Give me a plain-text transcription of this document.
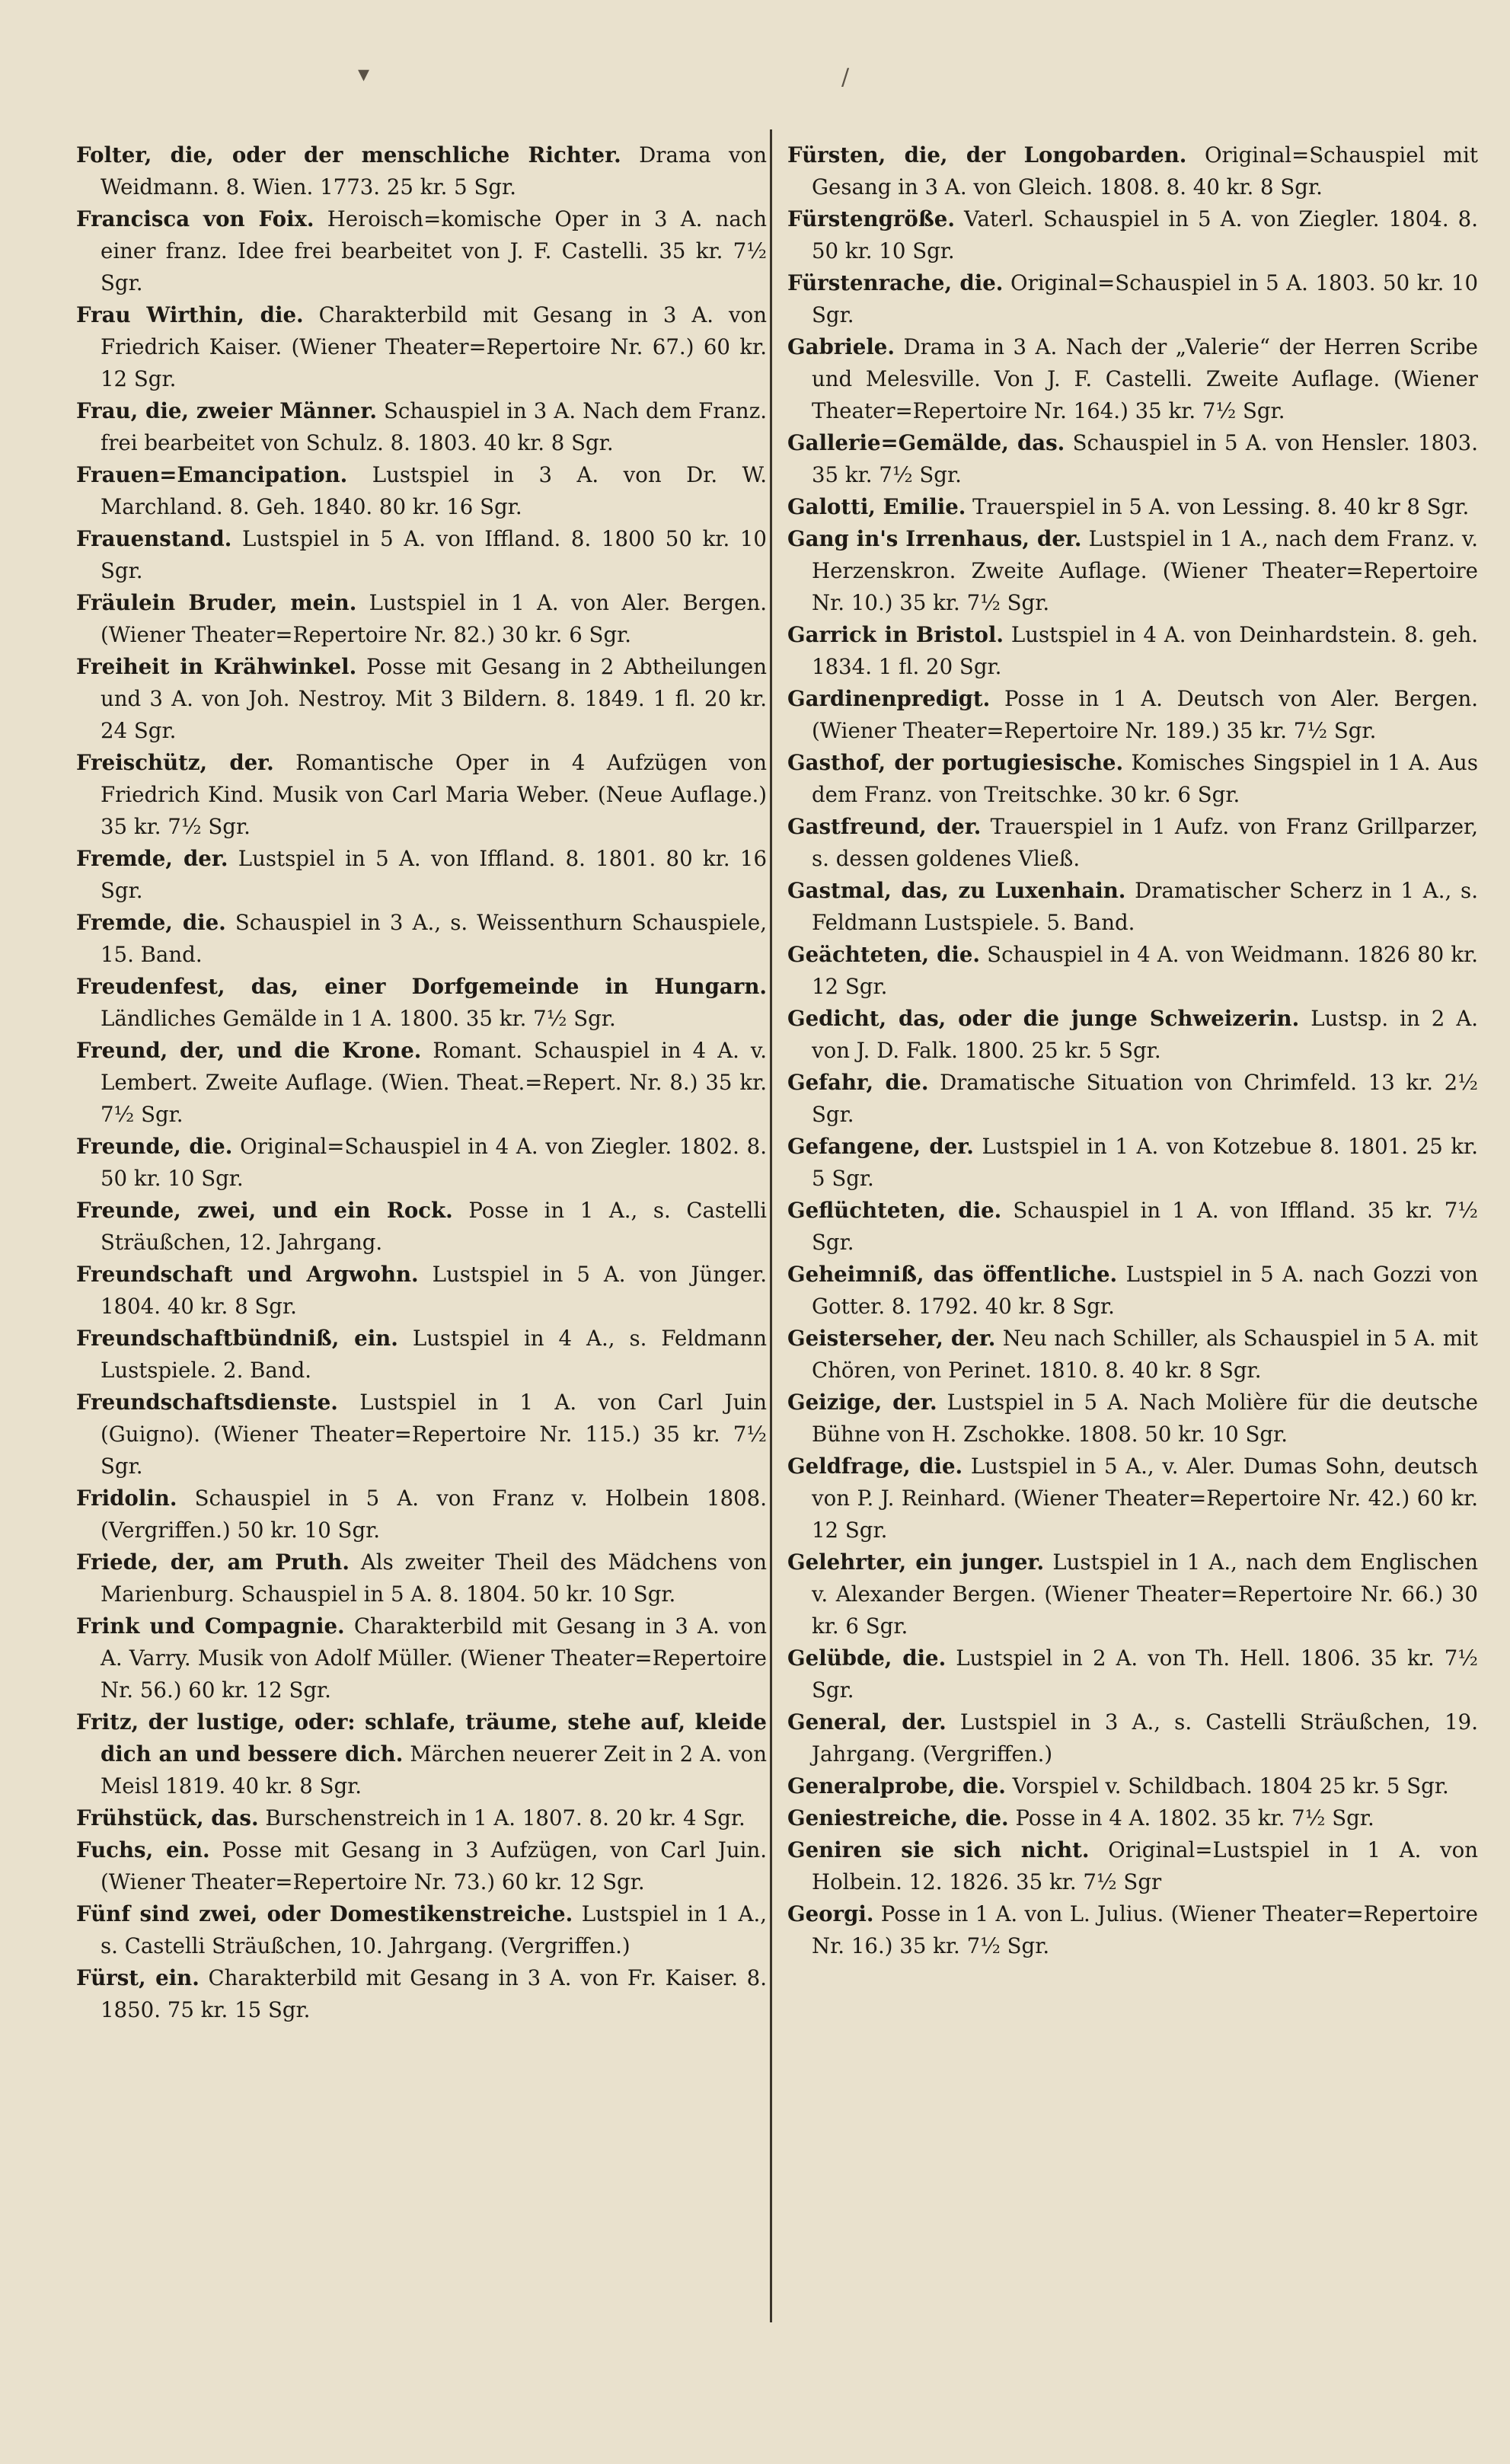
▾	/

Folter, die, oder der menschliche Richter. Drama von Weidmann. 8. Wien. 1773. 25 kr. 5 Sgr.

Francisca von Foix. Heroisch=komische Oper in 3 A. nach einer franz. Idee frei bearbeitet von J. F. Castelli. 35 kr. 7½ Sgr.

Frau Wirthin, die. Charakterbild mit Gesang in 3 A. von Friedrich Kaiser. (Wiener Theater=Repertoire Nr. 67.) 60 kr. 12 Sgr.

Frau, die, zweier Männer. Schauspiel in 3 A. Nach dem Franz. frei bearbeitet von Schulz. 8. 1803. 40 kr. 8 Sgr.

Frauen=Emancipation. Lustspiel in 3 A. von Dr. W. Marchland. 8. Geh. 1840. 80 kr. 16 Sgr.

Frauenstand. Lustspiel in 5 A. von Iffland. 8. 1800 50 kr. 10 Sgr.

Fräulein Bruder, mein. Lustspiel in 1 A. von Aler. Bergen. (Wiener Theater=Repertoire Nr. 82.) 30 kr. 6 Sgr.

Freiheit in Krähwinkel. Posse mit Gesang in 2 Abtheilungen und 3 A. von Joh. Nestroy. Mit 3 Bildern. 8. 1849. 1 fl. 20 kr. 24 Sgr.

Freischütz, der. Romantische Oper in 4 Aufzügen von Friedrich Kind. Musik von Carl Maria Weber. (Neue Auflage.) 35 kr. 7½ Sgr.

Fremde, der. Lustspiel in 5 A. von Iffland. 8. 1801. 80 kr. 16 Sgr.

Fremde, die. Schauspiel in 3 A., s. Weissenthurn Schauspiele, 15. Band.

Freudenfest, das, einer Dorfgemeinde in Hungarn. Ländliches Gemälde in 1 A. 1800. 35 kr. 7½ Sgr.

Freund, der, und die Krone. Romant. Schauspiel in 4 A. v. Lembert. Zweite Auflage. (Wien. Theat.=Repert. Nr. 8.) 35 kr. 7½ Sgr.

Freunde, die. Original=Schauspiel in 4 A. von Ziegler. 1802. 8. 50 kr. 10 Sgr.

Freunde, zwei, und ein Rock. Posse in 1 A., s. Castelli Sträußchen, 12. Jahrgang.

Freundschaft und Argwohn. Lustspiel in 5 A. von Jünger. 1804. 40 kr. 8 Sgr.

Freundschaftbündniß, ein. Lustspiel in 4 A., s. Feldmann Lustspiele. 2. Band.

Freundschaftsdienste. Lustspiel in 1 A. von Carl Juin (Guigno). (Wiener Theater=Repertoire Nr. 115.) 35 kr. 7½ Sgr.

Fridolin. Schauspiel in 5 A. von Franz v. Holbein 1808. (Vergriffen.) 50 kr. 10 Sgr.

Friede, der, am Pruth. Als zweiter Theil des Mädchens von Marienburg. Schauspiel in 5 A. 8. 1804. 50 kr. 10 Sgr.

Frink und Compagnie. Charakterbild mit Gesang in 3 A. von A. Varry. Musik von Adolf Müller. (Wiener Theater=Repertoire Nr. 56.) 60 kr. 12 Sgr.

Fritz, der lustige, oder: schlafe, träume, stehe auf, kleide dich an und bessere dich. Märchen neuerer Zeit in 2 A. von Meisl 1819. 40 kr. 8 Sgr.

Frühstück, das. Burschenstreich in 1 A. 1807. 8. 20 kr. 4 Sgr.

Fuchs, ein. Posse mit Gesang in 3 Aufzügen, von Carl Juin. (Wiener Theater=Repertoire Nr. 73.) 60 kr. 12 Sgr.

Fünf sind zwei, oder Domestikenstreiche. Lustspiel in 1 A., s. Castelli Sträußchen, 10. Jahrgang. (Vergriffen.)

Fürst, ein. Charakterbild mit Gesang in 3 A. von Fr. Kaiser. 8. 1850. 75 kr. 15 Sgr.

Fürsten, die, der Longobarden. Original=Schauspiel mit Gesang in 3 A. von Gleich. 1808. 8. 40 kr. 8 Sgr.

Fürstengröße. Vaterl. Schauspiel in 5 A. von Ziegler. 1804. 8. 50 kr. 10 Sgr.

Fürstenrache, die. Original=Schauspiel in 5 A. 1803. 50 kr. 10 Sgr.

Gabriele. Drama in 3 A. Nach der „Valerie“ der Herren Scribe und Melesville. Von J. F. Castelli. Zweite Auflage. (Wiener Theater=Repertoire Nr. 164.) 35 kr. 7½ Sgr.

Gallerie=Gemälde, das. Schauspiel in 5 A. von Hensler. 1803. 35 kr. 7½ Sgr.

Galotti, Emilie. Trauerspiel in 5 A. von Lessing. 8. 40 kr 8 Sgr.

Gang in's Irrenhaus, der. Lustspiel in 1 A., nach dem Franz. v. Herzenskron. Zweite Auflage. (Wiener Theater=Repertoire Nr. 10.) 35 kr. 7½ Sgr.

Garrick in Bristol. Lustspiel in 4 A. von Deinhardstein. 8. geh. 1834. 1 fl. 20 Sgr.

Gardinenpredigt. Posse in 1 A. Deutsch von Aler. Bergen. (Wiener Theater=Repertoire Nr. 189.) 35 kr. 7½ Sgr.

Gasthof, der portugiesische. Komisches Singspiel in 1 A. Aus dem Franz. von Treitschke. 30 kr. 6 Sgr.

Gastfreund, der. Trauerspiel in 1 Aufz. von Franz Grillparzer, s. dessen goldenes Vließ.

Gastmal, das, zu Luxenhain. Dramatischer Scherz in 1 A., s. Feldmann Lustspiele. 5. Band.

Geächteten, die. Schauspiel in 4 A. von Weidmann. 1826 80 kr. 12 Sgr.

Gedicht, das, oder die junge Schweizerin. Lustsp. in 2 A. von J. D. Falk. 1800. 25 kr. 5 Sgr.

Gefahr, die. Dramatische Situation von Chrimfeld. 13 kr. 2½ Sgr.

Gefangene, der. Lustspiel in 1 A. von Kotzebue 8. 1801. 25 kr. 5 Sgr.

Geflüchteten, die. Schauspiel in 1 A. von Iffland. 35 kr. 7½ Sgr.

Geheimniß, das öffentliche. Lustspiel in 5 A. nach Gozzi von Gotter. 8. 1792. 40 kr. 8 Sgr.

Geisterseher, der. Neu nach Schiller, als Schauspiel in 5 A. mit Chören, von Perinet. 1810. 8. 40 kr. 8 Sgr.

Geizige, der. Lustspiel in 5 A. Nach Molière für die deutsche Bühne von H. Zschokke. 1808. 50 kr. 10 Sgr.

Geldfrage, die. Lustspiel in 5 A., v. Aler. Dumas Sohn, deutsch von P. J. Reinhard. (Wiener Theater=Repertoire Nr. 42.) 60 kr. 12 Sgr.

Gelehrter, ein junger. Lustspiel in 1 A., nach dem Englischen v. Alexander Bergen. (Wiener Theater=Repertoire Nr. 66.) 30 kr. 6 Sgr.

Gelübde, die. Lustspiel in 2 A. von Th. Hell. 1806. 35 kr. 7½ Sgr.

General, der. Lustspiel in 3 A., s. Castelli Sträußchen, 19. Jahrgang. (Vergriffen.)

Generalprobe, die. Vorspiel v. Schildbach. 1804 25 kr. 5 Sgr.

Geniestreiche, die. Posse in 4 A. 1802. 35 kr. 7½ Sgr.

Geniren sie sich nicht. Original=Lustspiel in 1 A. von Holbein. 12. 1826. 35 kr. 7½ Sgr

Georgi. Posse in 1 A. von L. Julius. (Wiener Theater=Repertoire Nr. 16.) 35 kr. 7½ Sgr.
